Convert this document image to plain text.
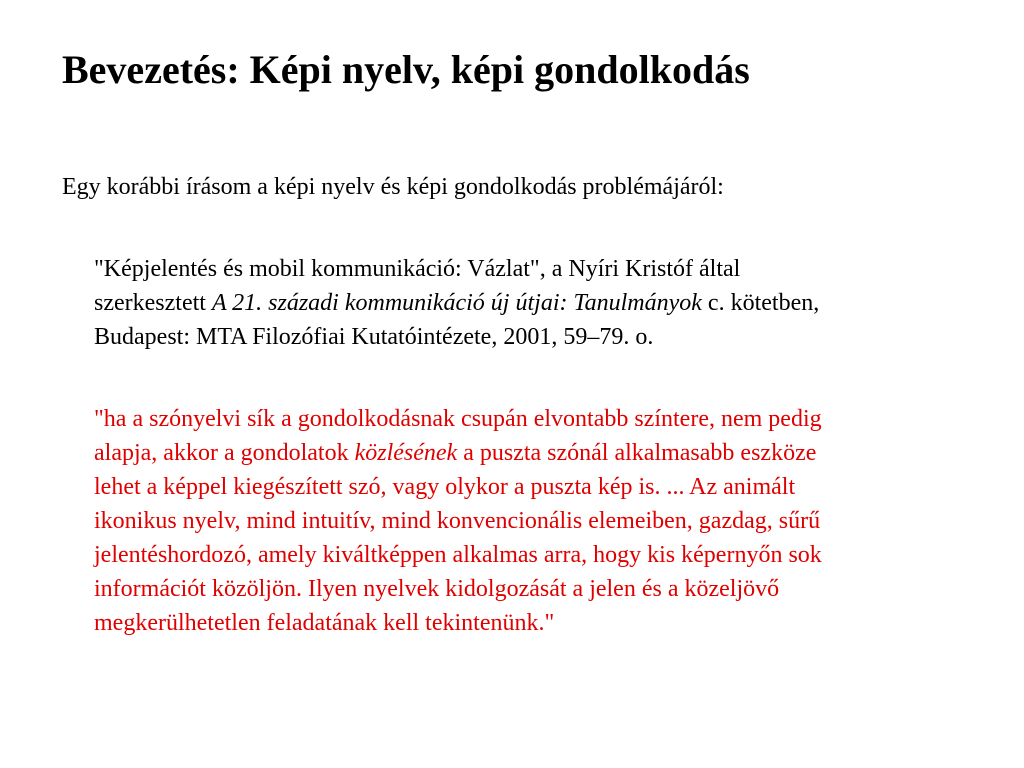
Bevezetés: Képi nyelv, képi gondolkodás

Egy korábbi írásom a képi nyelv és képi gondolkodás problémájáról:

"Képjelentés és mobil kommunikáció: Vázlat", a Nyíri Kristóf által
szerkesztett A 21. századi kommunikáció új útjai: Tanulmányok c. kötetben,
Budapest: MTA Filozófiai Kutatóintézete, 2001, 59–79. o.

"ha a szónyelvi sík a gondolkodásnak csupán elvontabb színtere, nem pedig
alapja, akkor a gondolatok közlésének a puszta szónál alkalmasabb eszköze
lehet a képpel kiegészített szó, vagy olykor a puszta kép is. ... Az animált
ikonikus nyelv, mind intuitív, mind konvencionális elemeiben, gazdag, sűrű
jelentéshordozó, amely kiváltképpen alkalmas arra, hogy kis képernyőn sok
információt közöljön. Ilyen nyelvek kidolgozását a jelen és a közeljövő
megkerülhetetlen feladatának kell tekintenünk."
